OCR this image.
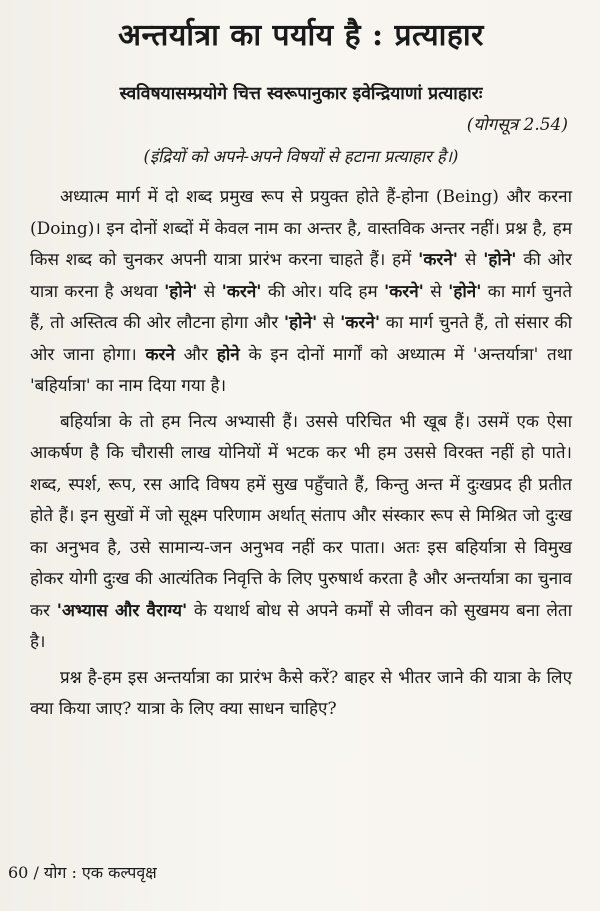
अन्तर्यात्रा का पर्याय है : प्रत्याहार

स्वविषयासम्प्रयोगे चित्त स्वरूपानुकार इवेन्द्रियाणां प्रत्याहारः

(योगसूत्र 2.54)

(इंद्रियों को अपने-अपने विषयों से हटाना प्रत्याहार है।)

अध्यात्म मार्ग में दो शब्द प्रमुख रूप से प्रयुक्त होते हैं-होना (Being) और करना (Doing)। इन दोनों शब्दों में केवल नाम का अन्तर है, वास्तविक अन्तर नहीं। प्रश्न है, हम किस शब्द को चुनकर अपनी यात्रा प्रारंभ करना चाहते हैं। हमें 'करने' से 'होने' की ओर यात्रा करना है अथवा 'होने' से 'करने' की ओर। यदि हम 'करने' से 'होने' का मार्ग चुनते हैं, तो अस्तित्व की ओर लौटना होगा और 'होने' से 'करने' का मार्ग चुनते हैं, तो संसार की ओर जाना होगा। करने और होने के इन दोनों मार्गों को अध्यात्म में 'अन्तर्यात्रा' तथा 'बहिर्यात्रा' का नाम दिया गया है।

बहिर्यात्रा के तो हम नित्य अभ्यासी हैं। उससे परिचित भी खूब हैं। उसमें एक ऐसा आकर्षण है कि चौरासी लाख योनियों में भटक कर भी हम उससे विरक्त नहीं हो पाते। शब्द, स्पर्श, रूप, रस आदि विषय हमें सुख पहुँचाते हैं, किन्तु अन्त में दुःखप्रद ही प्रतीत होते हैं। इन सुखों में जो सूक्ष्म परिणाम अर्थात् संताप और संस्कार रूप से मिश्रित जो दुःख का अनुभव है, उसे सामान्य-जन अनुभव नहीं कर पाता। अतः इस बहिर्यात्रा से विमुख होकर योगी दुःख की आत्यंतिक निवृत्ति के लिए पुरुषार्थ करता है और अन्तर्यात्रा का चुनाव कर 'अभ्यास और वैराग्य' के यथार्थ बोध से अपने कर्मों से जीवन को सुखमय बना लेता है।

प्रश्न है-हम इस अन्तर्यात्रा का प्रारंभ कैसे करें? बाहर से भीतर जाने की यात्रा के लिए क्या किया जाए? यात्रा के लिए क्या साधन चाहिए?

60 / योग : एक कल्पवृक्ष
